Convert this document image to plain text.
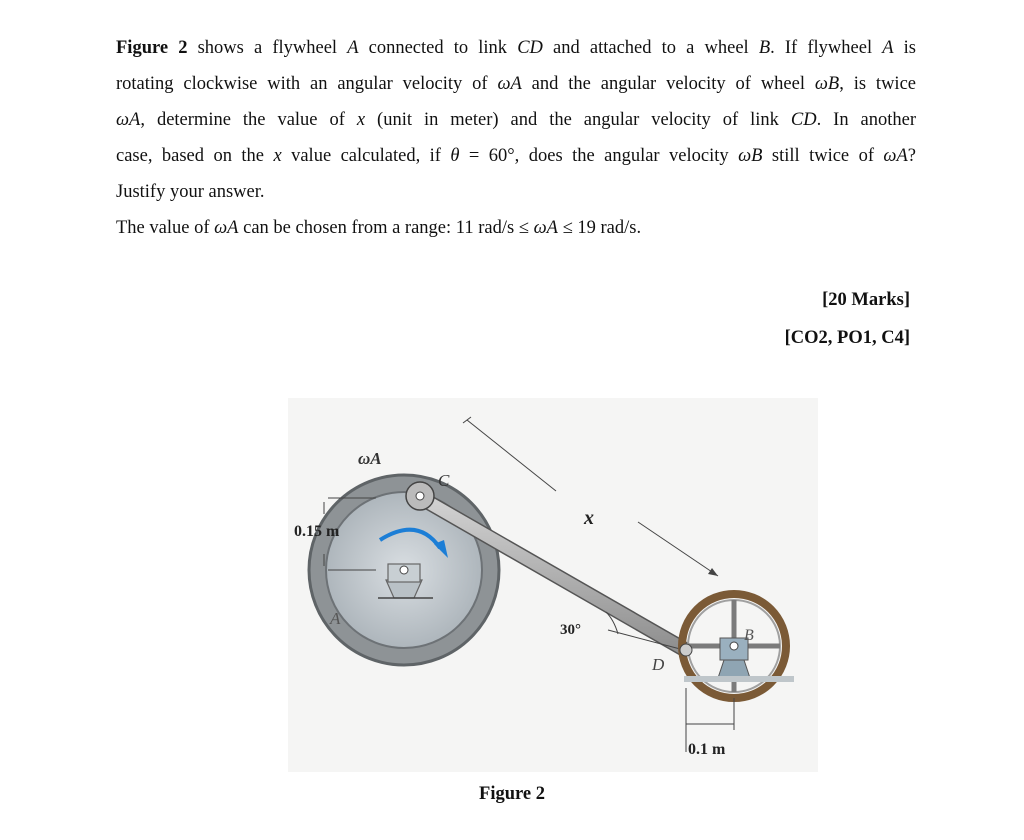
Figure 2 shows a flywheel A connected to link CD and attached to a wheel B. If flywheel A is
rotating clockwise with an angular velocity of ωA and the angular velocity of wheel ωB, is twice
ωA, determine the value of x (unit in meter) and the angular velocity of link CD. In another
case, based on the x value calculated, if θ = 60°, does the angular velocity ωB still twice of ωA?
Justify your answer.
The value of ωA can be chosen from a range: 11 rad/s ≤ ωA ≤ 19 rad/s.
[20 Marks]
[CO2, PO1, C4]
ωA
C
x
0.15 m
A
30°
D
B
0.1 m
Figure 2
